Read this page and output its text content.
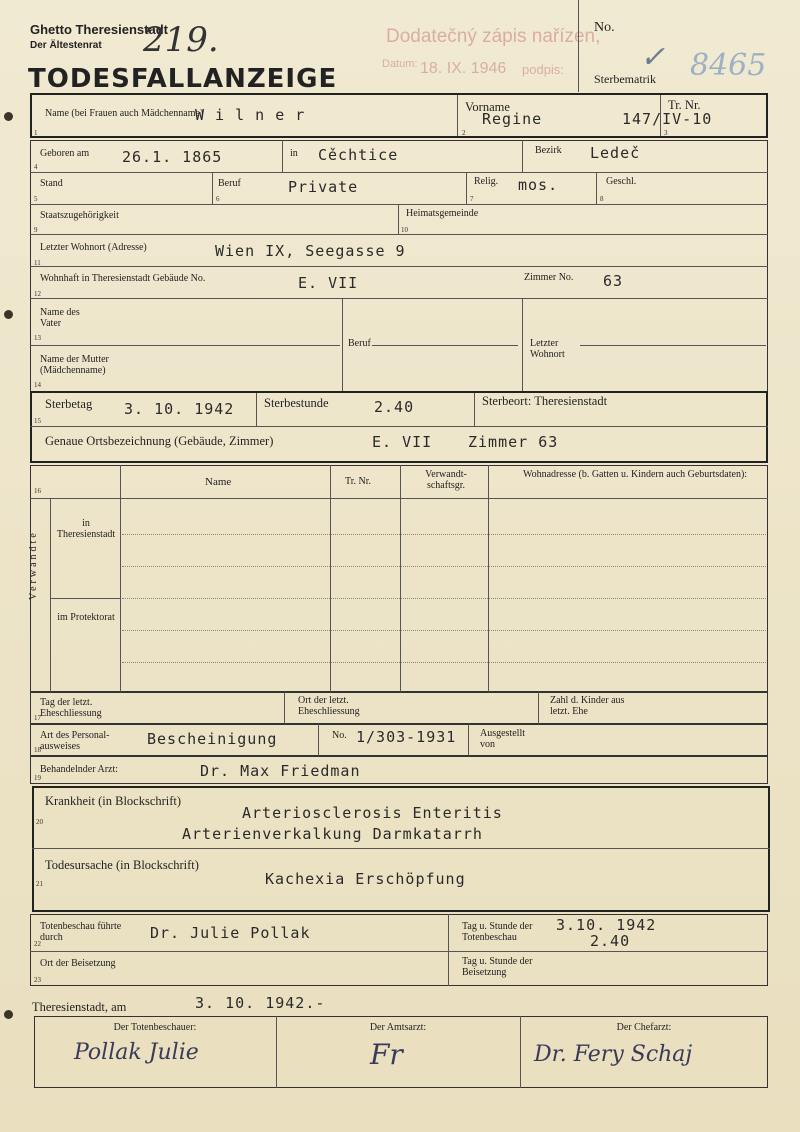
Ghetto Theresienstadt
Der Ältestenrat 219.
TODESFALLANZEIGE
Dodatečný zápis nařízen,
Datum: 18. IX. 1946 podpis:
No.
Sterbematrik 8465
✓
Name (bei Frauen auch Mädchenname)
W i l n e r	Vorname
Regine
Tr. Nr.
147/IV-10
Geboren am 26.1. 1865	in Cěchtice	Bezirk Ledeč
Stand	Beruf	Private	Relig. mos.	Geschl.
Staatszugehörigkeit	Heimatsgemeinde
Letzter Wohnort (Adresse)	Wien IX, Seegasse 9
Wohnhaft in Theresienstadt Gebäude No.	E. VII	Zimmer No. 63
Name des Vater
Name der Mutter (Mädchenname)
Beruf	Letzter Wohnort
Sterbetag 3. 10. 1942 Sterbestunde	2.40	Sterbeort: Theresienstadt
Genaue Ortsbezeichnung (Gebäude, Zimmer)	E. VII Zimmer 63
Name	Tr. Nr.
Verwandt-schaftsgr.
Wohnadresse (b. Gatten u. Kindern auch Geburtsdaten):
Verwandte
in Theresienstadt
im Protektorat
Tag der letzt. Eheschliessung
Ort der letzt. Eheschliessung
Zahl d. Kinder aus letzt. Ehe
Art des Personal-ausweises	Bescheinigung	No. 1/303-1931 Ausgestellt von
Behandelnder Arzt:	Dr. Max Friedman
Krankheit (in Blockschrift)
Arteriosclerosis Enteritis
Arterienverkalkung Darmkatarrh
Todesursache (in Blockschrift)
Kachexia Erschöpfung
Totenbeschau führte durch	Dr. Julie Pollak	Tag u. Stunde der Totenbeschau
3.10. 1942
2.40
Ort der Beisetzung	Tag u. Stunde der Beisetzung
Theresienstadt, am	3. 10. 1942.-
Der Totenbeschauer:	Der Amtsarzt:	Der Chefarzt:
Pollak Julie	Fr	Dr. Fery Schaj
1	2	3
4
5	6	7	8
9	10
11
12
13
14
15
16
17
18
19
20
21
22
23
